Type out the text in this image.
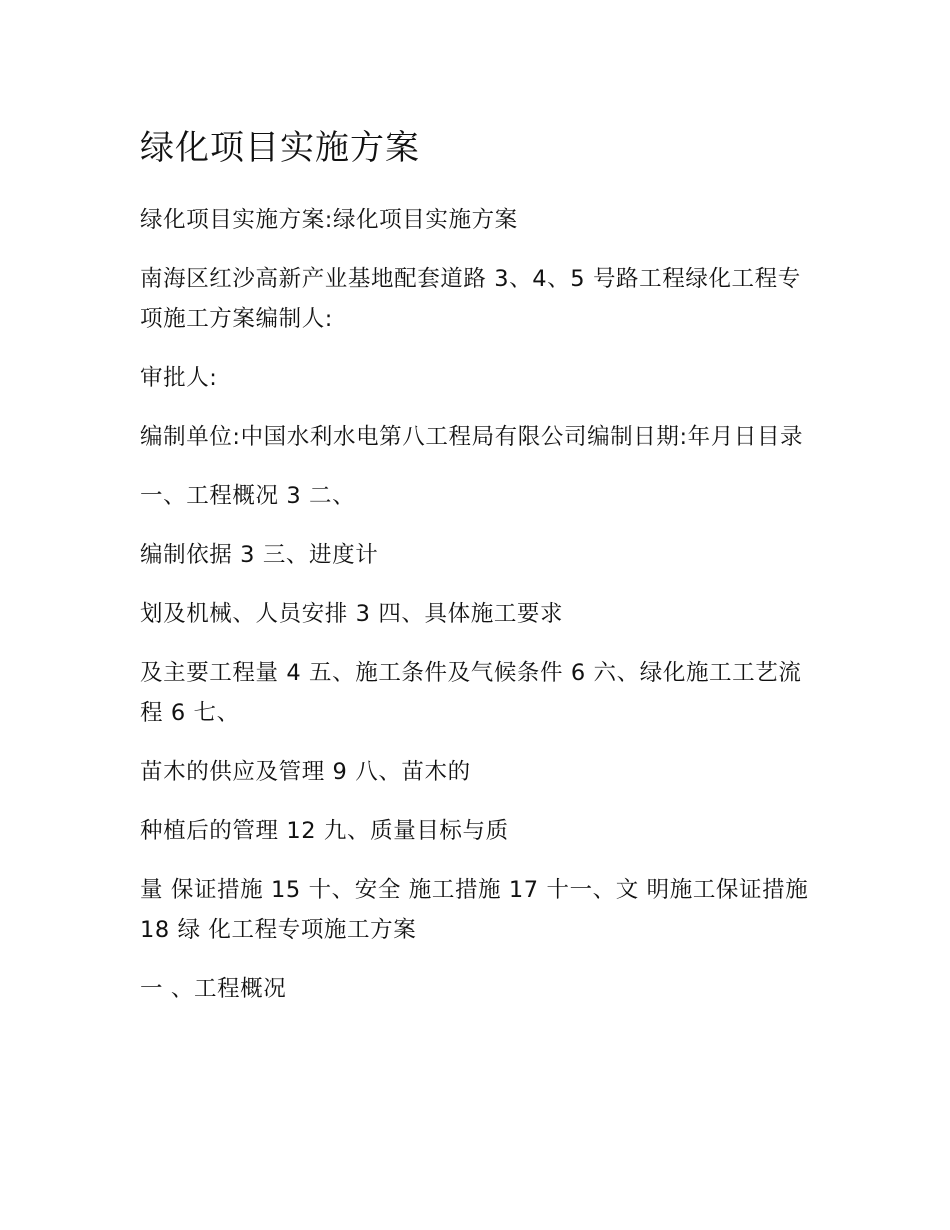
绿化项目实施方案

绿化项目实施方案:绿化项目实施方案

南海区红沙高新产业基地配套道路 3、4、5 号路工程绿化工程专项施工方案编制人:

审批人:

编制单位:中国水利水电第八工程局有限公司编制日期:年月日目录

一、工程概况 3 二、

编制依据 3 三、进度计

划及机械、人员安排 3 四、具体施工要求

及主要工程量 4 五、施工条件及气候条件 6 六、绿化施工工艺流程 6 七、

苗木的供应及管理 9 八、苗木的

种植后的管理 12 九、质量目标与质

量 保证措施 15 十、安全 施工措施 17 十一、文 明施工保证措施 18 绿 化工程专项施工方案

一 、工程概况
